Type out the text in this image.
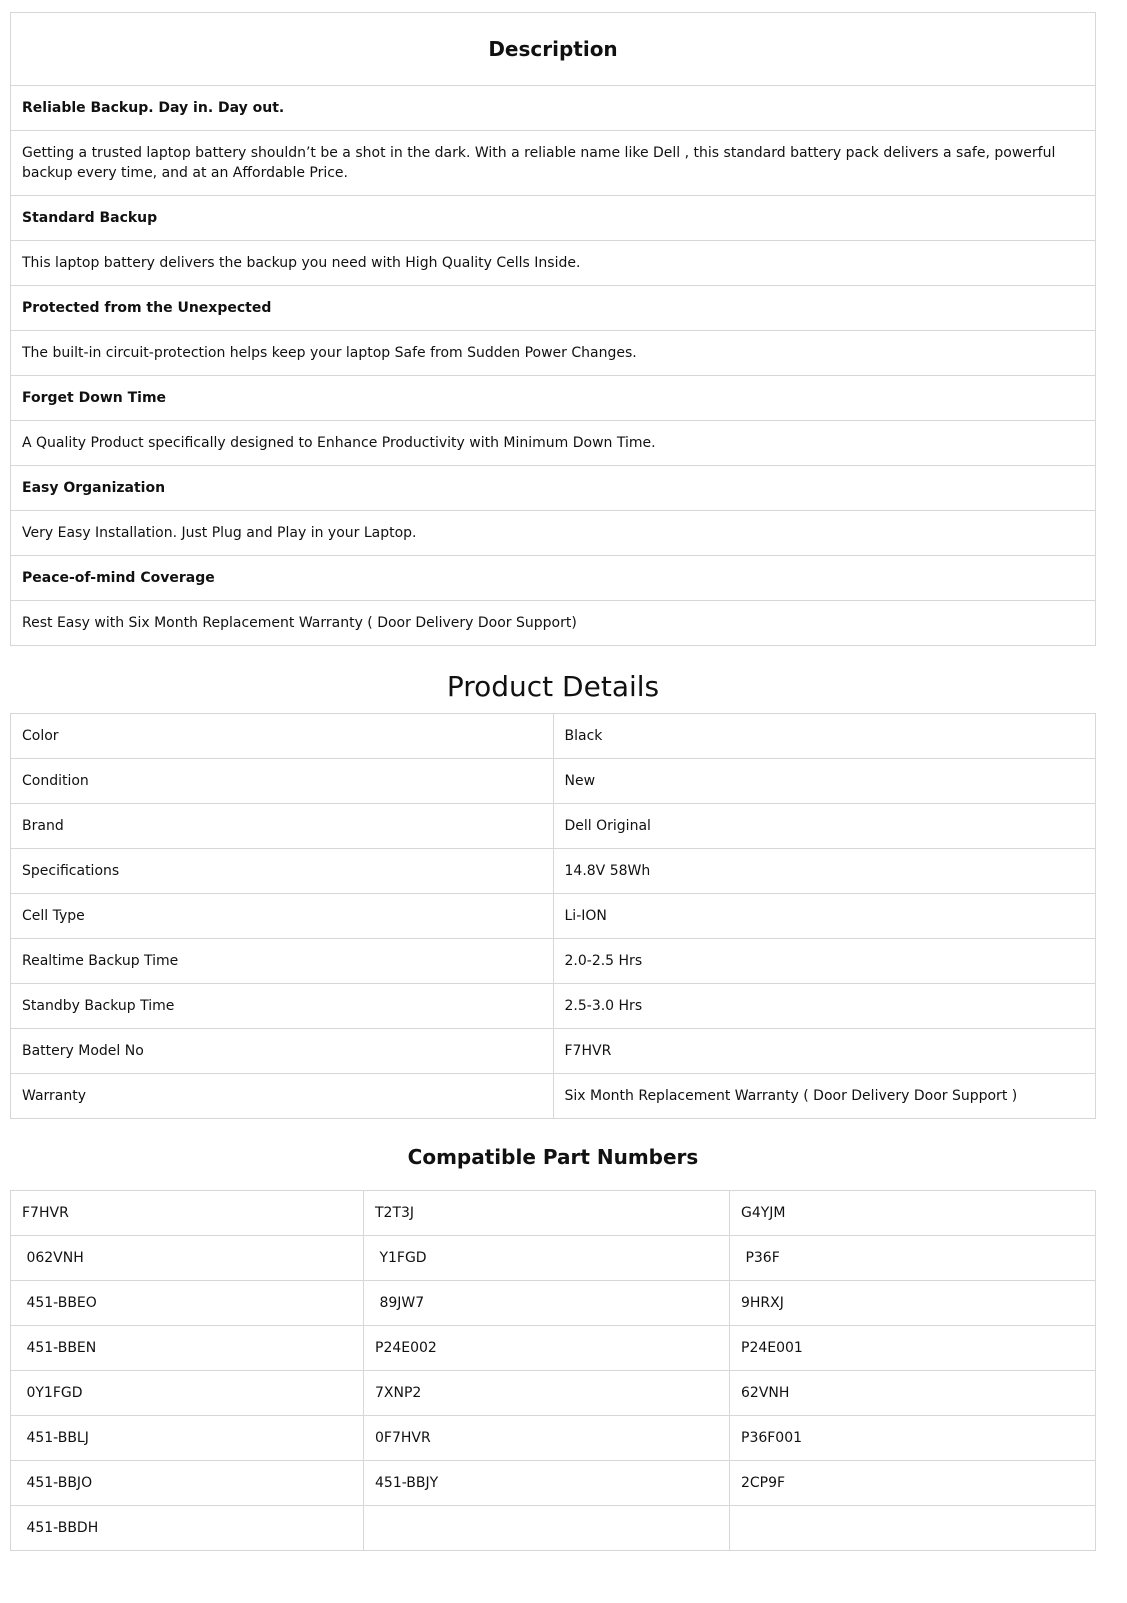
Description
Reliable Backup. Day in. Day out.
Getting a trusted laptop battery shouldn’t be a shot in the dark. With a reliable name like Dell , this standard battery pack delivers a safe, powerful backup every time, and at an Affordable Price.
Standard Backup
This laptop battery delivers the backup you need with High Quality Cells Inside.
Protected from the Unexpected
The built-in circuit-protection helps keep your laptop Safe from Sudden Power Changes.
Forget Down Time
A Quality Product specifically designed to Enhance Productivity with Minimum Down Time.
Easy Organization
Very Easy Installation. Just Plug and Play in your Laptop.
Peace-of-mind Coverage
Rest Easy with Six Month Replacement Warranty ( Door Delivery Door Support)
Product Details
Color	Black
Condition	New
Brand	Dell Original
Specifications	14.8V 58Wh
Cell Type	Li-ION
Realtime Backup Time	2.0-2.5 Hrs
Standby Backup Time	2.5-3.0 Hrs
Battery Model No	F7HVR
Warranty	Six Month Replacement Warranty ( Door Delivery Door Support )
Compatible Part Numbers
F7HVR	T2T3J	G4YJM
062VNH	Y1FGD	P36F
451-BBEO	89JW7	9HRXJ
451-BBEN	P24E002	P24E001
0Y1FGD	7XNP2	62VNH
451-BBLJ	0F7HVR	P36F001
451-BBJO	451-BBJY	2CP9F
451-BBDH		
